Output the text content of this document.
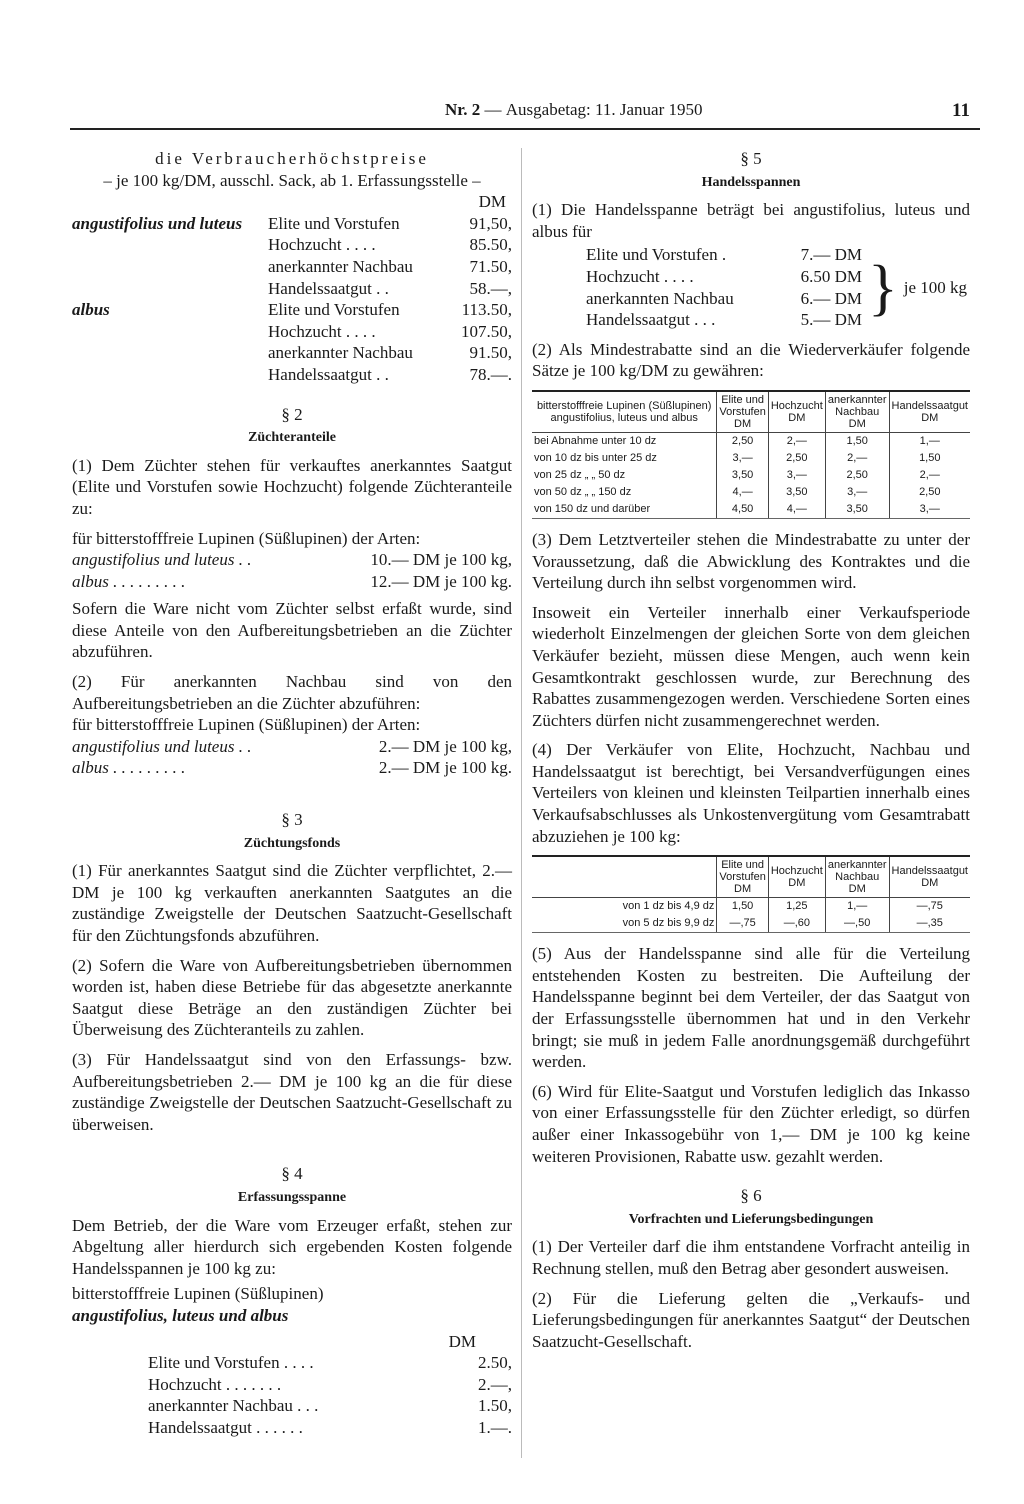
Nr. 2 — Ausgabetag: 11. Januar 1950	11
die Verbraucherhöchstpreise
– je 100 kg/DM, ausschl. Sack, ab 1. Erfassungsstelle –
DM
angustifolius und luteus	Elite und Vorstufen	91,50,
Hochzucht . . . .	85.50,
anerkannter Nachbau	71.50,
Handelssaatgut . .	58.—,
albus	Elite und Vorstufen	113.50,
Hochzucht . . . .	107.50,
anerkannter Nachbau	91.50,
Handelssaatgut . .	78.—.
§ 2
Züchteranteile

(1) Dem Züchter stehen für verkauftes anerkanntes Saatgut (Elite und Vorstufen sowie Hochzucht) folgende Züchteranteile zu:

für bitterstofffreie Lupinen (Süßlupinen) der Arten:
angustifolius und luteus . .	10.— DM je 100 kg,
albus . . . . . . . . .	12.— DM je 100 kg.

Sofern die Ware nicht vom Züchter selbst erfaßt wurde, sind diese Anteile von den Aufbereitungsbetrieben an die Züchter abzuführen.

(2) Für anerkannten Nachbau sind von den Aufbereitungsbetrieben an die Züchter abzuführen:

für bitterstofffreie Lupinen (Süßlupinen) der Arten:
angustifolius und luteus . .	2.— DM je 100 kg,
albus . . . . . . . . .	2.— DM je 100 kg.
§ 3
Züchtungsfonds

(1) Für anerkanntes Saatgut sind die Züchter verpflichtet, 2.— DM je 100 kg verkauften anerkannten Saatgutes an die zuständige Zweigstelle der Deutschen Saatzucht-Gesellschaft für den Züchtungsfonds abzuführen.

(2) Sofern die Ware von Aufbereitungsbetrieben übernommen worden ist, haben diese Betriebe für das abgesetzte anerkannte Saatgut diese Beträge an den zuständigen Züchter bei Überweisung des Züchteranteils zu zahlen.

(3) Für Handelssaatgut sind von den Erfassungs- bzw. Aufbereitungsbetrieben 2.— DM je 100 kg an die für diese zuständige Zweigstelle der Deutschen Saatzucht-Gesellschaft zu überweisen.

§ 4
Erfassungsspanne

Dem Betrieb, der die Ware vom Erzeuger erfaßt, stehen zur Abgeltung aller hierdurch sich ergebenden Kosten folgende Handelsspannen je 100 kg zu:

bitterstofffreie Lupinen (Süßlupinen)
angustifolius, luteus und albus
DM
Elite und Vorstufen . . . .	2.50,
Hochzucht . . . . . . .	2.—,
anerkannter Nachbau . . .	1.50,
Handelssaatgut . . . . . .	1.—.
§ 5
Handelsspannen

(1) Die Handelsspanne beträgt bei angustifolius, luteus und albus für

Elite und Vorstufen .	7.— DM
Hochzucht . . . .	6.50 DM
anerkannten Nachbau	6.— DM
Handelssaatgut . . .	5.— DM } je 100 kg

(2) Als Mindestrabatte sind an die Wiederverkäufer folgende Sätze je 100 kg/DM zu gewähren:

bitterstofffreie Lupinen (Süßlupinen) angustifolius, luteus und albus	Elite und Vorstufen DM	Hochzucht DM	anerkannter Nachbau DM	Handelssaatgut DM
bei Abnahme unter 10 dz	2,50	2,—	1,50	1,—
von 10 dz bis unter 25 dz	3,—	2,50	2,—	1,50
von 25 dz „ „ 50 dz	3,50	3,—	2,50	2,—
von 50 dz „ „ 150 dz	4,—	3,50	3,—	2,50
von 150 dz und darüber	4,50	4,—	3,50	3,—

(3) Dem Letztverteiler stehen die Mindestrabatte zu unter der Voraussetzung, daß die Abwicklung des Kontraktes und die Verteilung durch ihn selbst vorgenommen wird.

Insoweit ein Verteiler innerhalb einer Verkaufsperiode wiederholt Einzelmengen der gleichen Sorte von dem gleichen Verkäufer bezieht, müssen diese Mengen, auch wenn kein Gesamtkontrakt geschlossen wurde, zur Berechnung des Rabattes zusammengezogen werden. Verschiedene Sorten eines Züchters dürfen nicht zusammengerechnet werden.

(4) Der Verkäufer von Elite, Hochzucht, Nachbau und Handelssaatgut ist berechtigt, bei Versandverfügungen eines Verteilers von kleinen und kleinsten Teilpartien innerhalb eines Verkaufsabschlusses als Unkostenvergütung vom Gesamtrabatt abzuziehen je 100 kg:

	Elite und Vorstufen DM	Hochzucht DM	anerkannter Nachbau DM	Handelssaatgut DM
von 1 dz bis 4,9 dz	1,50	1,25	1,—	—,75
von 5 dz bis 9,9 dz	—,75	—,60	—,50	—,35

(5) Aus der Handelsspanne sind alle für die Verteilung entstehenden Kosten zu bestreiten. Die Aufteilung der Handelsspanne beginnt bei dem Verteiler, der das Saatgut von der Erfassungsstelle übernommen hat und in den Verkehr bringt; sie muß in jedem Falle anordnungsgemäß durchgeführt werden.

(6) Wird für Elite-Saatgut und Vorstufen lediglich das Inkasso von einer Erfassungsstelle für den Züchter erledigt, so dürfen außer einer Inkassogebühr von 1,— DM je 100 kg keine weiteren Provisionen, Rabatte usw. gezahlt werden.

§ 6
Vorfrachten und Lieferungsbedingungen

(1) Der Verteiler darf die ihm entstandene Vorfracht anteilig in Rechnung stellen, muß den Betrag aber gesondert ausweisen.

(2) Für die Lieferung gelten die „Verkaufs- und Lieferungsbedingungen für anerkanntes Saatgut“ der Deutschen Saatzucht-Gesellschaft.
